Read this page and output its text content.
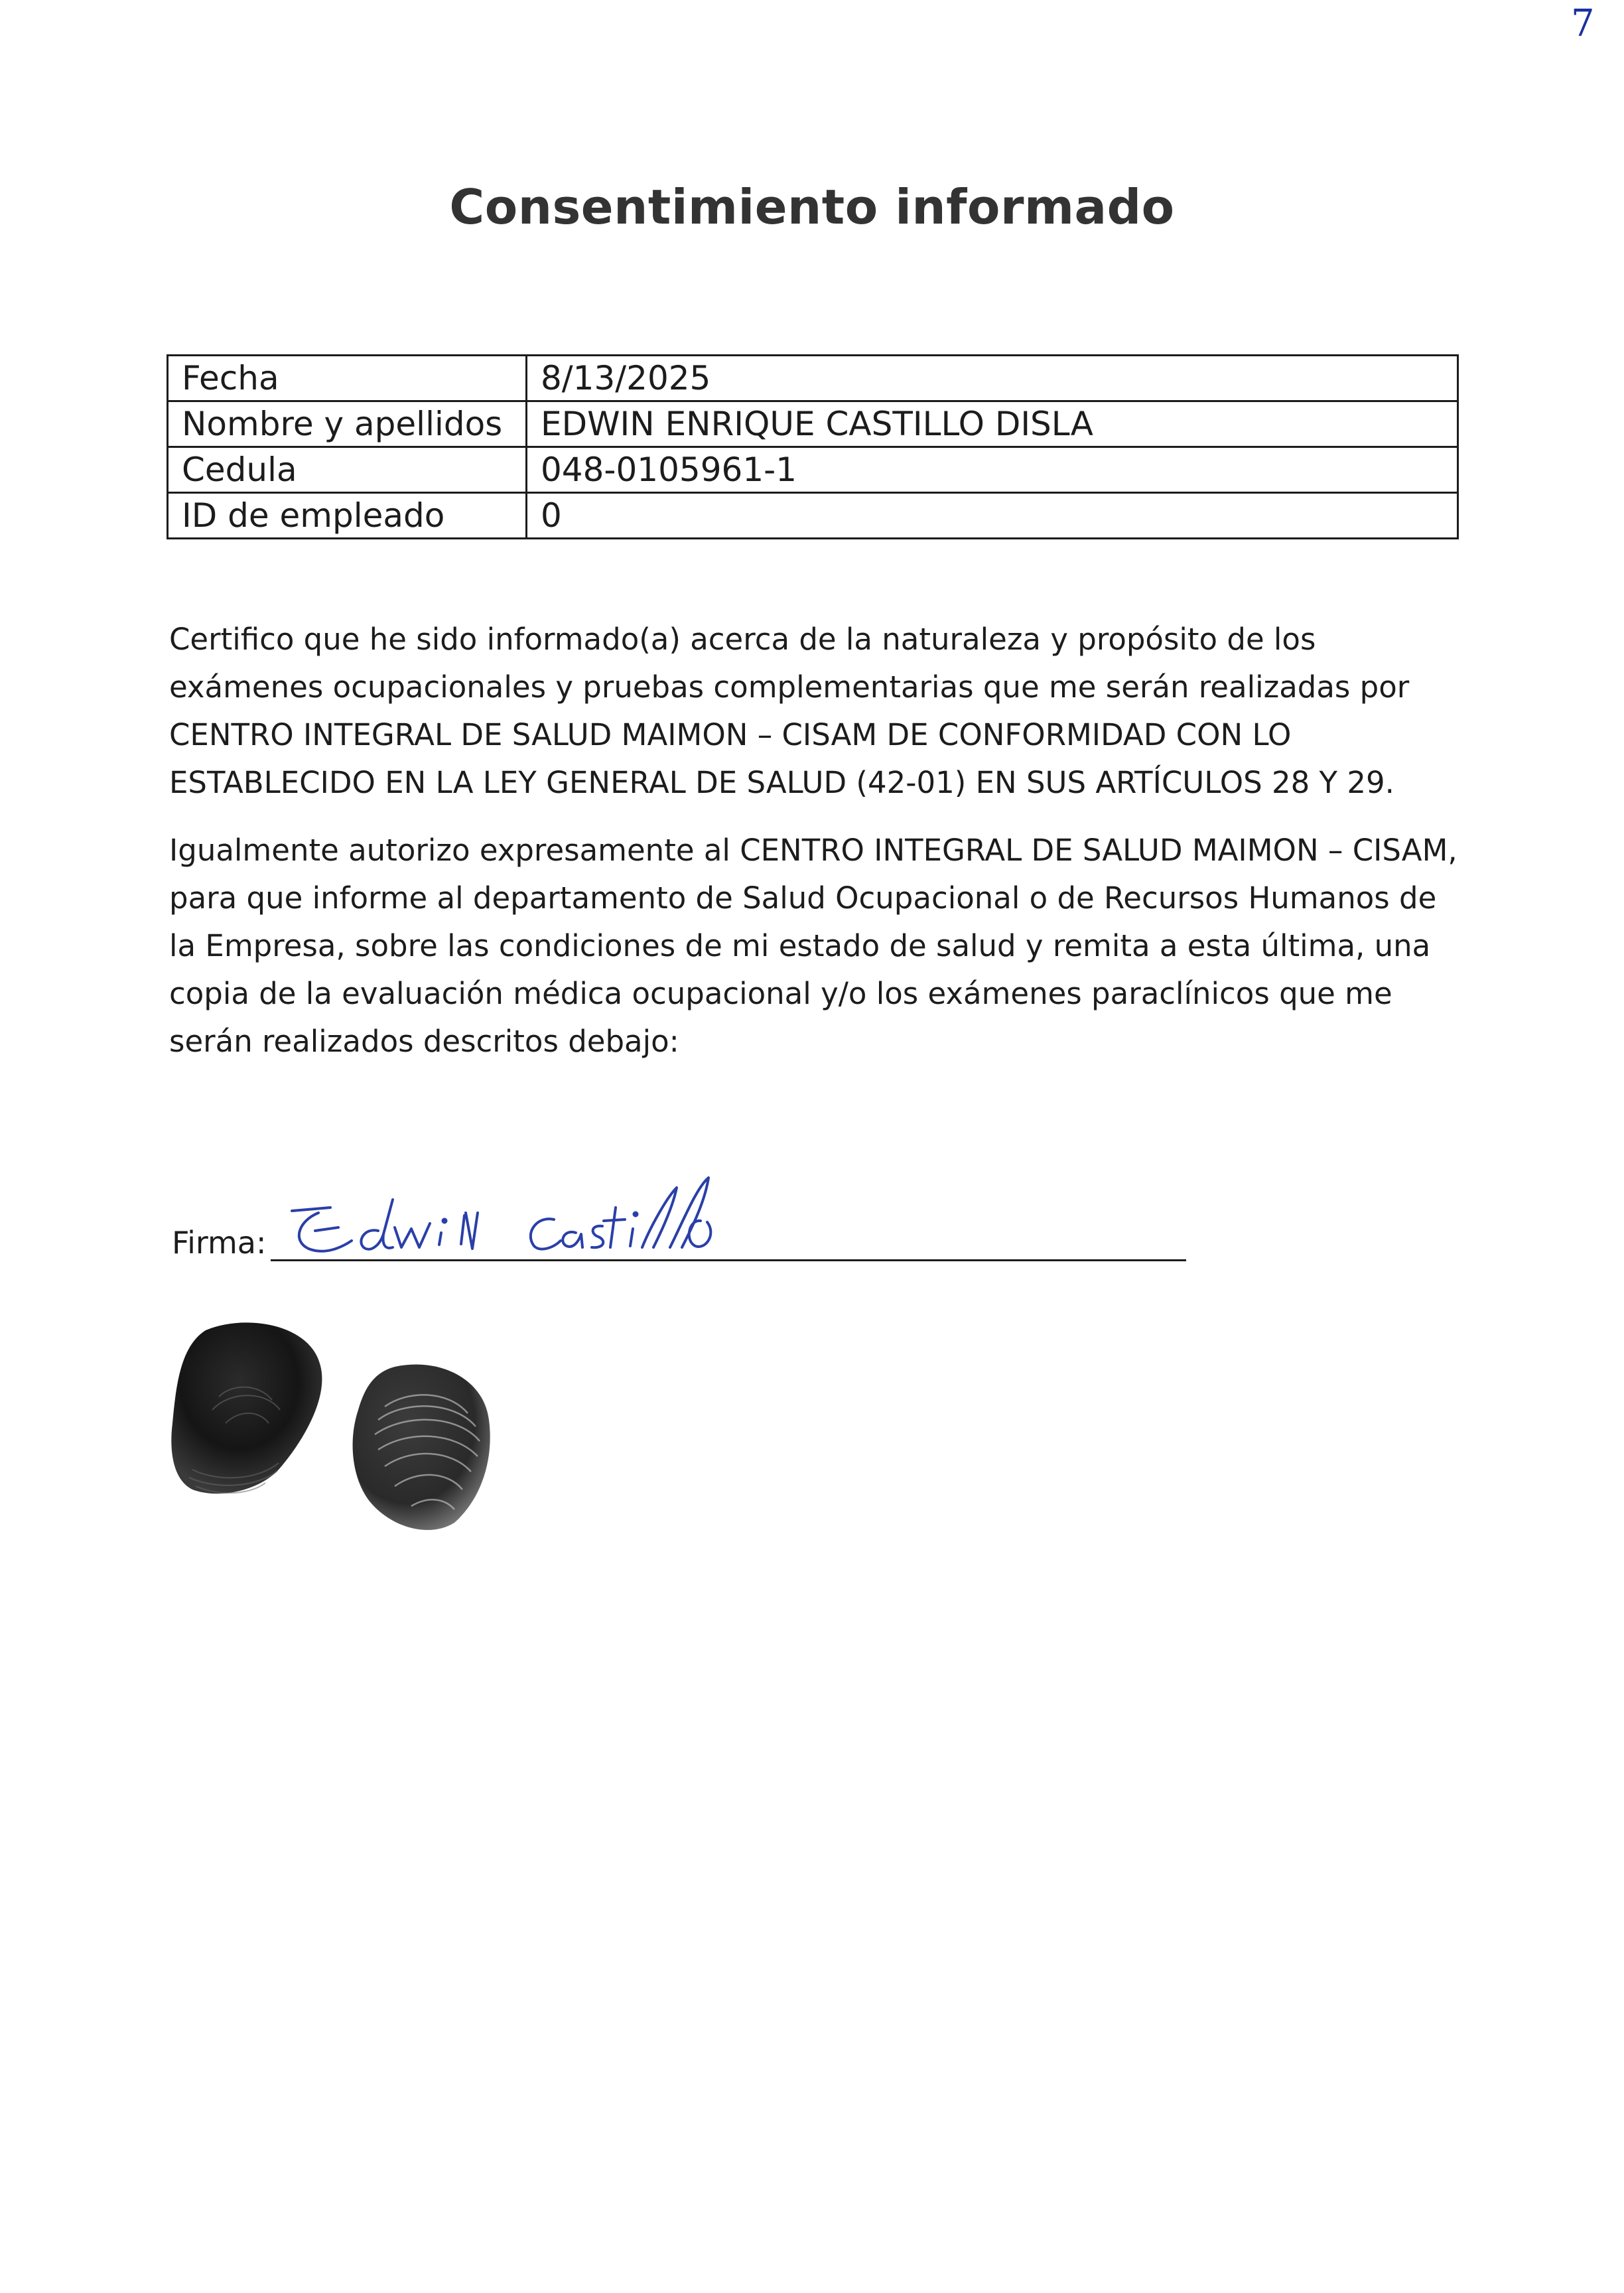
7
Consentimiento informado
Fecha	8/13/2025
Nombre y apellidos	EDWIN ENRIQUE CASTILLO DISLA
Cedula	048-0105961-1
ID de empleado	0

Certifico que he sido informado(a) acerca de la naturaleza y propósito de los exámenes ocupacionales y pruebas complementarias que me serán realizadas por CENTRO INTEGRAL DE SALUD MAIMON – CISAM DE CONFORMIDAD CON LO ESTABLECIDO EN LA LEY GENERAL DE SALUD (42-01) EN SUS ARTÍCULOS 28 Y 29.

Igualmente autorizo expresamente al CENTRO INTEGRAL DE SALUD MAIMON – CISAM, para que informe al departamento de Salud Ocupacional o de Recursos Humanos de la Empresa, sobre las condiciones de mi estado de salud y remita a esta última, una copia de la evaluación médica ocupacional y/o los exámenes paraclínicos que me serán realizados descritos debajo:

Firma:
